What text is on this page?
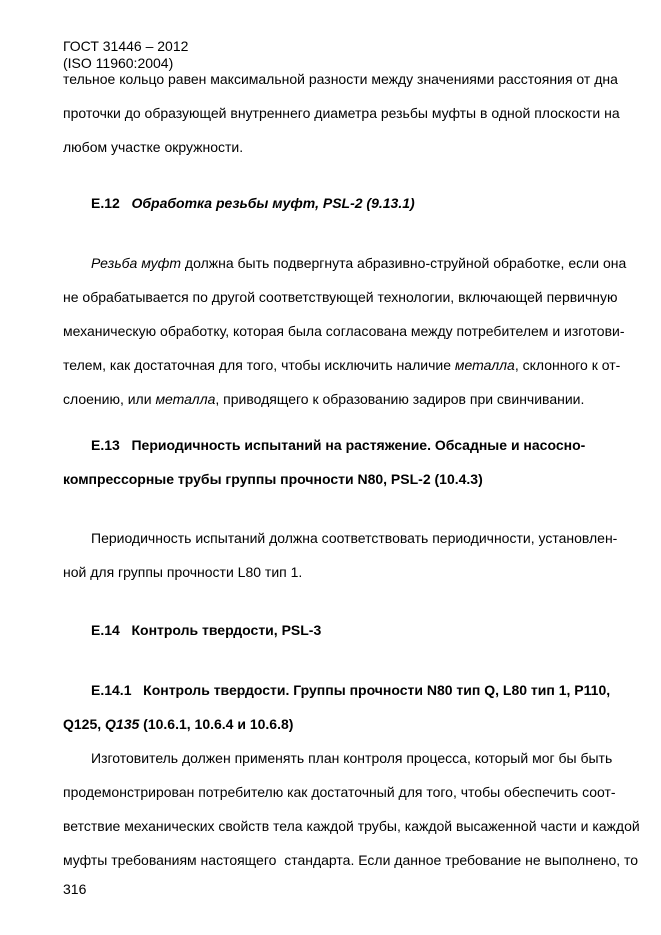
ГОСТ 31446 – 2012
(ISO 11960:2004)
тельное кольцо равен максимальной разности между значениями расстояния от дна
проточки до образующей внутреннего диаметра резьбы муфты в одной плоскости на
любом участке окружности.
Е.12   Обработка резьбы муфт, PSL-2 (9.13.1)
Резьба муфт должна быть подвергнута абразивно-струйной обработке, если она
не обрабатывается по другой соответствующей технологии, включающей первичную
механическую обработку, которая была согласована между потребителем и изготови-
телем, как достаточная для того, чтобы исключить наличие металла, склонного к от-
слоению, или металла, приводящего к образованию задиров при свинчивании.
Е.13   Периодичность испытаний на растяжение. Обсадные и насосно-
компрессорные трубы группы прочности N80, PSL-2 (10.4.3)
Периодичность испытаний должна соответствовать периодичности, установлен-
ной для группы прочности L80 тип 1.
Е.14   Контроль твердости, PSL-3
Е.14.1   Контроль твердости. Группы прочности N80 тип Q, L80 тип 1, P110,
Q125, Q135 (10.6.1, 10.6.4 и 10.6.8)
Изготовитель должен применять план контроля процесса, который мог бы быть
продемонстрирован потребителю как достаточный для того, чтобы обеспечить соот-
ветствие механических свойств тела каждой трубы, каждой высаженной части и каждой
муфты требованиям настоящего  стандарта. Если данное требование не выполнено, то
316
